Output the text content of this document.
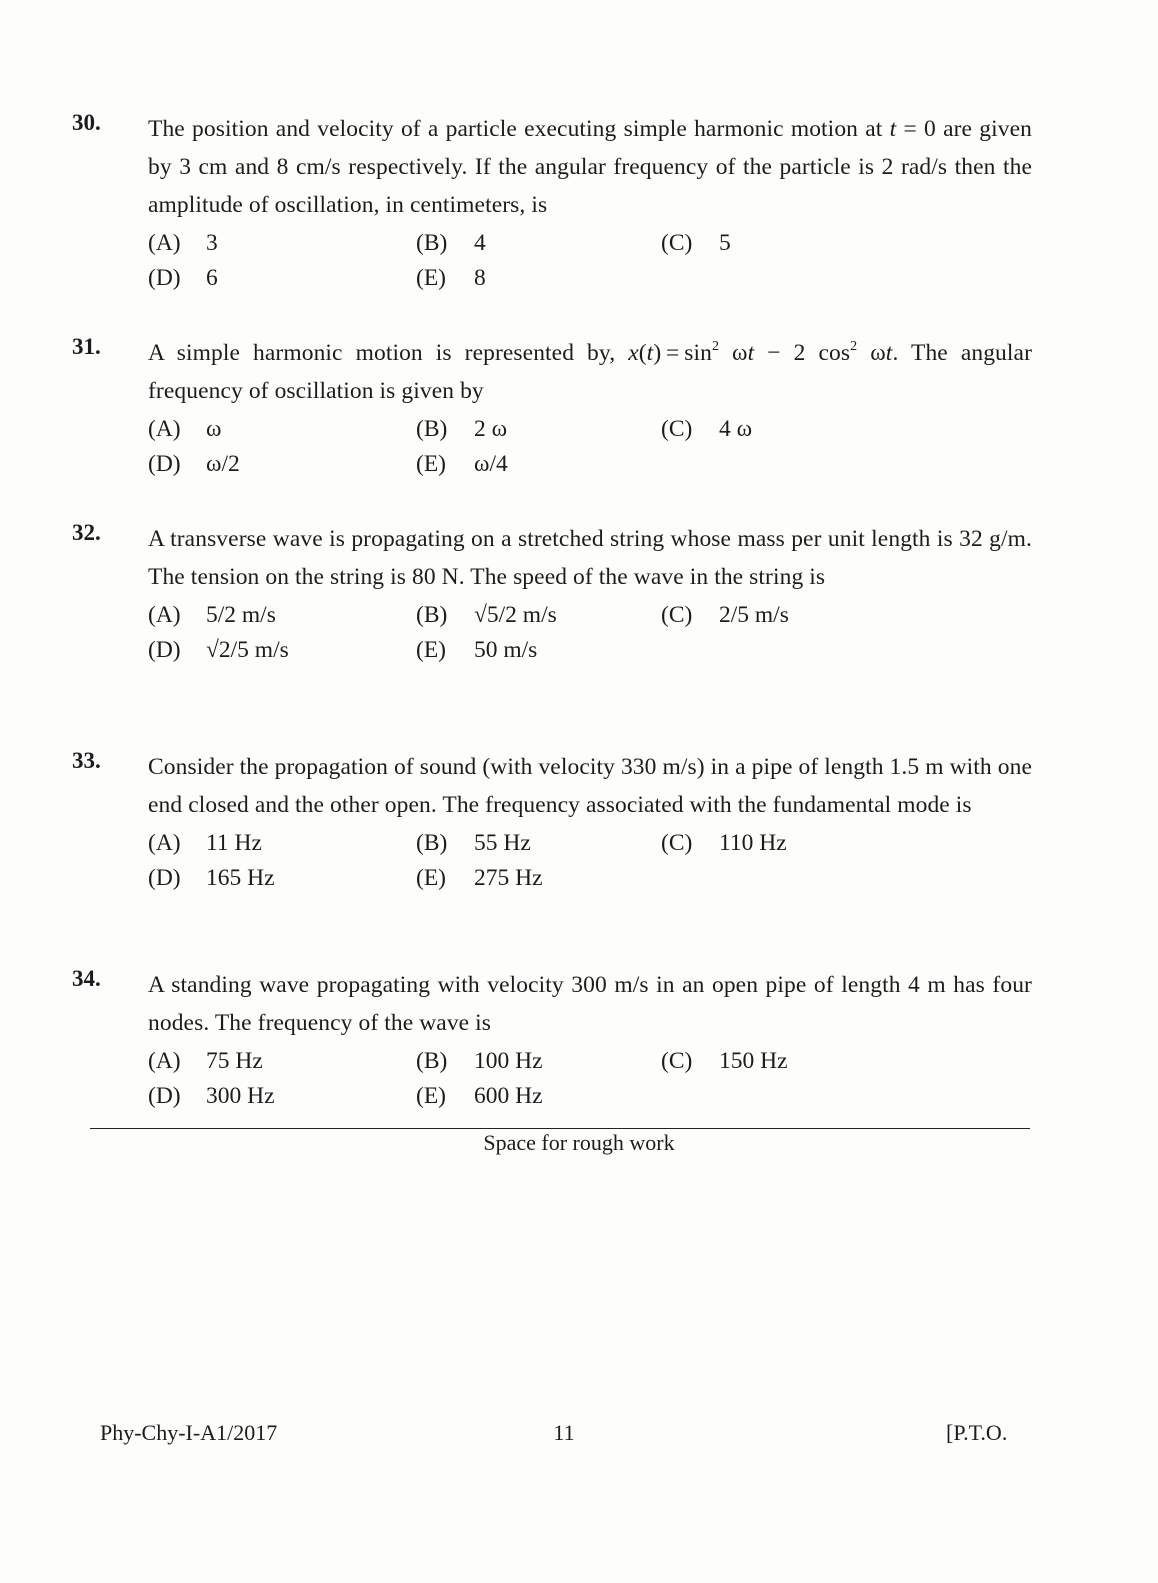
30. The position and velocity of a particle executing simple harmonic motion at t = 0 are given by 3 cm and 8 cm/s respectively. If the angular frequency of the particle is 2 rad/s then the amplitude of oscillation, in centimeters, is
(A) 3	(B) 4	(C) 5
(D) 6	(E) 8
31. A simple harmonic motion is represented by, $x(t) = \sin^2 \omega t - 2$ $\cos^2 \omega t$. The angular frequency of oscillation is given by
(A) ω	(B) 2 ω	(C) 4 ω
(D) ω/2	(E) ω/4
32. A transverse wave is propagating on a stretched string whose mass per unit length is 32 g/m. The tension on the string is 80 N. The speed of the wave in the string is
(A) 5/2 m/s	(B) √5/2 m/s	(C) 2/5 m/s
(D) √2/5 m/s	(E) 50 m/s
33. Consider the propagation of sound (with velocity 330 m/s) in a pipe of length 1.5 m with one end closed and the other open. The frequency associated with the fundamental mode is
(A) 11 Hz	(B) 55 Hz	(C) 110 Hz
(D) 165 Hz	(E) 275 Hz
34. A standing wave propagating with velocity 300 m/s in an open pipe of length 4 m has four nodes. The frequency of the wave is
(A) 75 Hz	(B) 100 Hz	(C) 150 Hz
(D) 300 Hz	(E) 600 Hz
Space for rough work
Phy-Chy-I-A1/2017	11	[P.T.O.
